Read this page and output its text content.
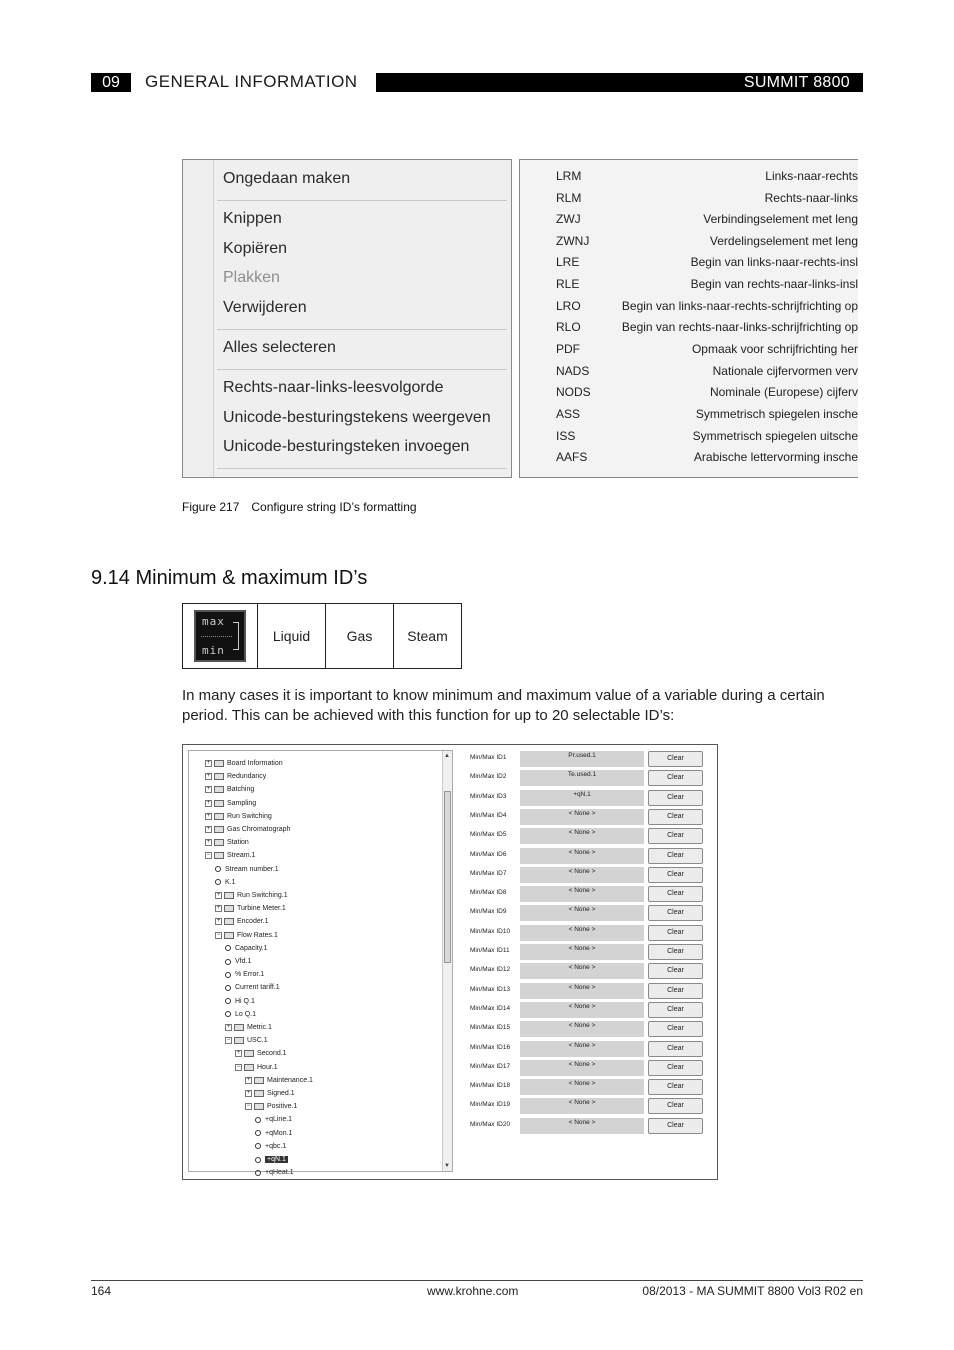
09	GENERAL INFORMATION	SUMMIT 8800
Ongedaan maken
Knippen
Kopiëren
Plakken
Verwijderen
Alles selecteren
Rechts-naar-links-leesvolgorde
Unicode-besturingstekens weergeven
Unicode-besturingsteken invoegen
LRM	Links-naar-rechts
RLM	Rechts-naar-links
ZWJ	Verbindingselement met leng
ZWNJ	Verdelingselement met leng
LRE	Begin van links-naar-rechts-insl
RLE	Begin van rechts-naar-links-insl
LRO	Begin van links-naar-rechts-schrijfrichting op
RLO	Begin van rechts-naar-links-schrijfrichting op
PDF	Opmaak voor schrijfrichting her
NADS	Nationale cijfervormen verv
NODS	Nominale (Europese) cijferv
ASS	Symmetrisch spiegelen insche
ISS	Symmetrisch spiegelen uitsche
AAFS	Arabische lettervorming insche
Figure 217 Configure string ID’s formatting
9.14 Minimum & maximum ID’s
max
min
Liquid	Gas	Steam

In many cases it is important to know minimum and maximum value of a variable during a certain period. This can be achieved with this function for up to 20 selectable ID’s:

▲
▼
+ Board Information
+ Redundancy
+ Batching
+ Sampling
+ Run Switching
+ Gas Chromatograph
+ Station
− Stream.1
Stream number.1
K.1
+ Run Switching.1
+ Turbine Meter.1
+ Encoder.1
− Flow Rates.1
Capacity.1
Vfd.1
% Error.1
Current tariff.1
Hi Q.1
Lo Q.1
+ Metric.1
− USC.1
+ Second.1
− Hour.1
+ Maintenance.1
+ Signed.1
− Positive.1
+qLine.1
+qMon.1
+qbc.1
+qN.1
+qHeat.1
Min/Max ID1	Pr.used.1	Clear
Min/Max ID2	Te.used.1	Clear
Min/Max ID3	+qN.1	Clear
Min/Max ID4	< None >	Clear
Min/Max ID5	< None >	Clear
Min/Max ID6	< None >	Clear
Min/Max ID7	< None >	Clear
Min/Max ID8	< None >	Clear
Min/Max ID9	< None >	Clear
Min/Max ID10	< None >	Clear
Min/Max ID11	< None >	Clear
Min/Max ID12	< None >	Clear
Min/Max ID13	< None >	Clear
Min/Max ID14	< None >	Clear
Min/Max ID15	< None >	Clear
Min/Max ID16	< None >	Clear
Min/Max ID17	< None >	Clear
Min/Max ID18	< None >	Clear
Min/Max ID19	< None >	Clear
Min/Max ID20	< None >	Clear
164	www.krohne.com	08/2013 - MA SUMMIT 8800 Vol3 R02 en
